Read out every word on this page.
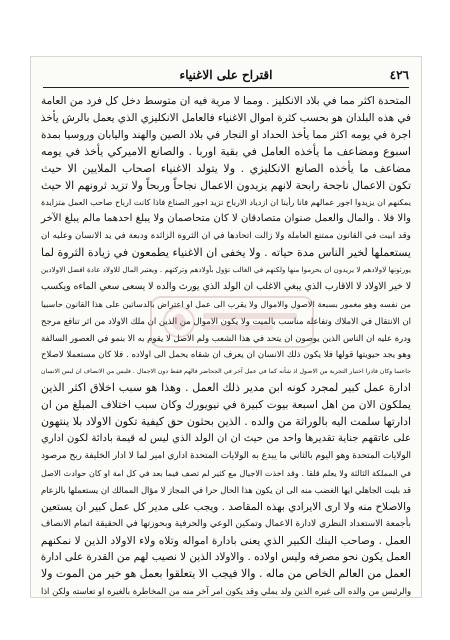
٤٢٦
اقتراح على الاغنياء
المتحدة اكثر مما في بلاد الانكليز . ومما لا مرية فيه ان متوسط دخل كل فرد من العامة
في هذه البلدان هو بحسب كثرة اموال الاغنياء فالعامل الانكليزي الذي يعمل بالرش يأخذ
اجرة في يومه اكثر مما يأخذ الحداد او النجار في بلاد الصين والهند واليابان وروسيا بمدة
اسبوع ومضاعف ما يأخذه العامل في بقية اوربا . والصانع الاميركي يأخذ في يومه
مضاعف ما يأخذه الصانع الانكليزي . ولا يتولد الاغنياء اصحاب الملايين الا حيث
تكون الاعمال ناجحة رابحة لانهم يزيدون الاعمال نجاحاً وربحاً ولا تزيد ثرونهم الا حيث
يمكنهم ان يزيدوا اجور عمالهم فانا رأينا ان ازدياد الارباح تزيد اجور الصناع فاذا كانت ارباح صاحب العمل متزايدة
والا فلا . والمال والعمل صنوان متصادقان لا كان متحاصمان ولا يبلغ احدهما مالم يبلغ الآخر
وقد ابيت في القانون ممتنع العاملة ولا زالت اتحادها في ان الثروة الزائدة ودبعة في يد الانسان وعليه ان
يستعملها لخير الناس مدة حياته . ولا يخفى ان الاغنياء يطمعون في زيادة الثروة لما
يورثونها لاولادهم لا يريدون ان يحرموا منها ولكنهم في الغالب تؤول بأولادهم وتركتهم . ويعتبر المال للاولاد عادة افضل الاولادين
لا خير الاولاد لا الاقارب الذي يبغي الاغلب ان الولد الذي يورث والده لا يسعى سعي الماءه ويكسب
من نفسه وهو مغمور بسبعة الاصول والاموال ولا يقرب الى عمل او اعتراض بالدساتين على هذا القانون حاسبيا
ان الانتقال في الاملاك وتفاعله مناسب بالميت ولا يكون الاموال من الذين ان ملك الاولاد من اثر تنافع مرجح
ودرة عليه ان الناس الذين يوصون ان يتحد في هذا الشعب ولم الاصل لا يقوم به الا بنمو في العصور السالفة
وهو يجد حيويتها قولها فلا يكون ذلك الانسان ان يعرف ان شقاه يحمل الى اولاده . فلا كان مستعملا لاصلاح
جاعسا وكان فادرا اختيار التجربة من الاصول اذ شأنه كما في عمل آخر في الجحاضر فالهم فقط دون الاجمال . فليس من الانصاف ان ليس الانسان
ادارة عمل كبير لمجرد كونه ابن مدير ذلك العمل . وهذا هو سبب اخلاق اكثر الذين
يملكون الان من اهل اسبعة بيوت كبيرة في نيويورك وكان سبب اختلاف المبلغ من ان
ادارتها سلمت اليه بالوراثة من والده . الذين بحثون حق كيفية تكون الاولاد بلا ينتهون
على عاتقهم جناية تقديرها واحد من حيث ان ان الولد الذي ليس له قيمة بادائة لكون اداري
الولايات المتحدة وهو اليوم بالثاني ما يبدع به الولايات المتحدة اداري امير لما لا ادار الخليفة ربح مرصود
في المملكة الثالثة ولا يعلم قلقا . وقد اخذت الاجيال مع كثير لم تصف فيما بعد في كل امة او كان حوادث الاصل
قد بليت الجاهلي ايها الغضب منه الى ان يكون هذا الحال حرا في المجاز لا مؤال الممالك ان يستعملها بالزعام
والاصلاح منه ولا ارى الايرادي بهذه المقاصد . ويجب على مدير كل عمل كبير ان يستعين
بأجمعة الاستعداد النظري لادارة الاعمال وتمكين الوعي والحرفية وبحوزتها في الحقيقة اتمام الانصاف
العمل . وصاحب البنك الكبير الذي يعنى بادارة امواله وتلاه ولاء الاولاد الذين لا نمكنهم
العمل يكون نحو مصرفه وليس اولاده . والاولاد الذين لا نصيب لهم من القدرة على ادارة
العمل من العالم الخاص من ماله . والا فيجب الا يتعلقوا بعمل هو خير من الموت ولا
والرئيس من والده الى غيره الذين ولد يملي وقد يكون امر آخر منه من المخاطرة بالغيرة او تعاسته ولكن اذا
